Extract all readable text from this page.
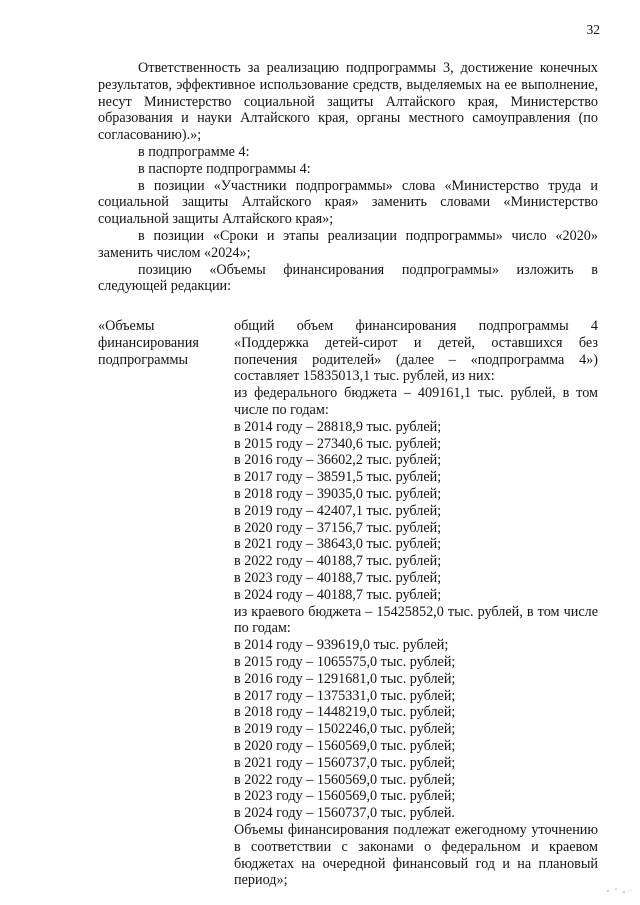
32

Ответственность за реализацию подпрограммы 3, достижение конечных результатов, эффективное использование средств, выделяемых на ее выполнение, несут Министерство социальной защиты Алтайского края, Министерство образования и науки Алтайского края, органы местного самоуправления (по согласованию).»;

в подпрограмме 4:

в паспорте подпрограммы 4:

в позиции «Участники подпрограммы» слова «Министерство труда и социальной защиты Алтайского края» заменить словами «Министерство социальной защиты Алтайского края»;

в позиции «Сроки и этапы реализации подпрограммы» число «2020» заменить числом «2024»;

позицию «Объемы финансирования подпрограммы» изложить в следующей редакции:

«Объемы финансирования подпрограммы

общий объем финансирования подпрограммы 4 «Поддержка детей-сирот и детей, оставшихся без попечения родителей» (далее – «подпрограмма 4») составляет 15835013,1 тыс. рублей, из них:

из федерального бюджета – 409161,1 тыс. рублей, в том числе по годам:

в 2014 году – 28818,9 тыс. рублей;

в 2015 году – 27340,6 тыс. рублей;

в 2016 году – 36602,2 тыс. рублей;

в 2017 году – 38591,5 тыс. рублей;

в 2018 году – 39035,0 тыс. рублей;

в 2019 году – 42407,1 тыс. рублей;

в 2020 году – 37156,7 тыс. рублей;

в 2021 году – 38643,0 тыс. рублей;

в 2022 году – 40188,7 тыс. рублей;

в 2023 году – 40188,7 тыс. рублей;

в 2024 году – 40188,7 тыс. рублей;

из краевого бюджета – 15425852,0 тыс. рублей, в том числе по годам:

в 2014 году – 939619,0 тыс. рублей;

в 2015 году – 1065575,0 тыс. рублей;

в 2016 году – 1291681,0 тыс. рублей;

в 2017 году – 1375331,0 тыс. рублей;

в 2018 году – 1448219,0 тыс. рублей;

в 2019 году – 1502246,0 тыс. рублей;

в 2020 году – 1560569,0 тыс. рублей;

в 2021 году – 1560737,0 тыс. рублей;

в 2022 году – 1560569,0 тыс. рублей;

в 2023 году – 1560569,0 тыс. рублей;

в 2024 году – 1560737,0 тыс. рублей.

Объемы финансирования подлежат ежегодному уточнению в соответствии с законами о федеральном и краевом бюджетах на очередной финансовый год и на плановый период»;
